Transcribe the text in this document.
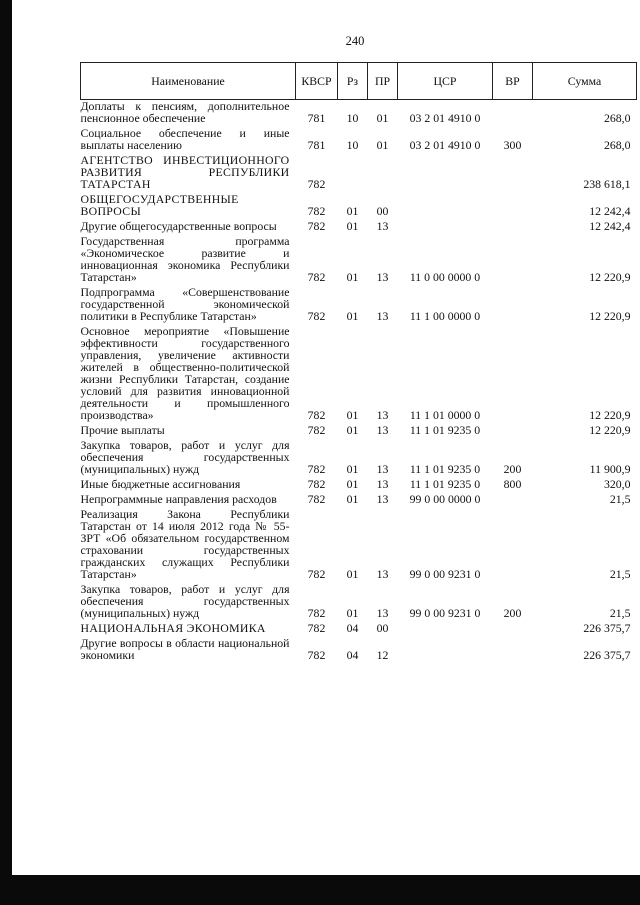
240
Наименование	КВСР	Рз	ПР	ЦСР	ВР	Сумма
Доплаты к пенсиям, дополнительное пенсионное обеспечение	781	10	01	03 2 01 4910 0		268,0
Социальное обеспечение и иные выплаты населению	781	10	01	03 2 01 4910 0	300	268,0
АГЕНТСТВО ИНВЕСТИЦИОННОГО РАЗВИТИЯ РЕСПУБЛИКИ ТАТАРСТАН	782					238 618,1
ОБЩЕГОСУДАРСТВЕННЫЕ ВОПРОСЫ	782	01	00			12 242,4
Другие общегосударственные вопросы	782	01	13			12 242,4
Государственная программа «Экономическое развитие и инновационная экономика Республики Татарстан»	782	01	13	11 0 00 0000 0		12 220,9
Подпрограмма «Совершенствование государственной экономической политики в Республике Татарстан»	782	01	13	11 1 00 0000 0		12 220,9
Основное мероприятие «Повышение эффективности государственного управления, увеличение активности жителей в общественно-политической жизни Республики Татарстан, создание условий для развития инновационной деятельности и промышленного производства»	782	01	13	11 1 01 0000 0		12 220,9
Прочие выплаты	782	01	13	11 1 01 9235 0		12 220,9
Закупка товаров, работ и услуг для обеспечения государственных (муниципальных) нужд	782	01	13	11 1 01 9235 0	200	11 900,9
Иные бюджетные ассигнования	782	01	13	11 1 01 9235 0	800	320,0
Непрограммные направления расходов	782	01	13	99 0 00 0000 0		21,5
Реализация Закона Республики Татарстан от 14 июля 2012 года № 55-ЗРТ «Об обязательном государственном страховании государственных гражданских служащих Республики Татарстан»	782	01	13	99 0 00 9231 0		21,5
Закупка товаров, работ и услуг для обеспечения государственных (муниципальных) нужд	782	01	13	99 0 00 9231 0	200	21,5
НАЦИОНАЛЬНАЯ ЭКОНОМИКА	782	04	00			226 375,7
Другие вопросы в области национальной экономики	782	04	12			226 375,7
